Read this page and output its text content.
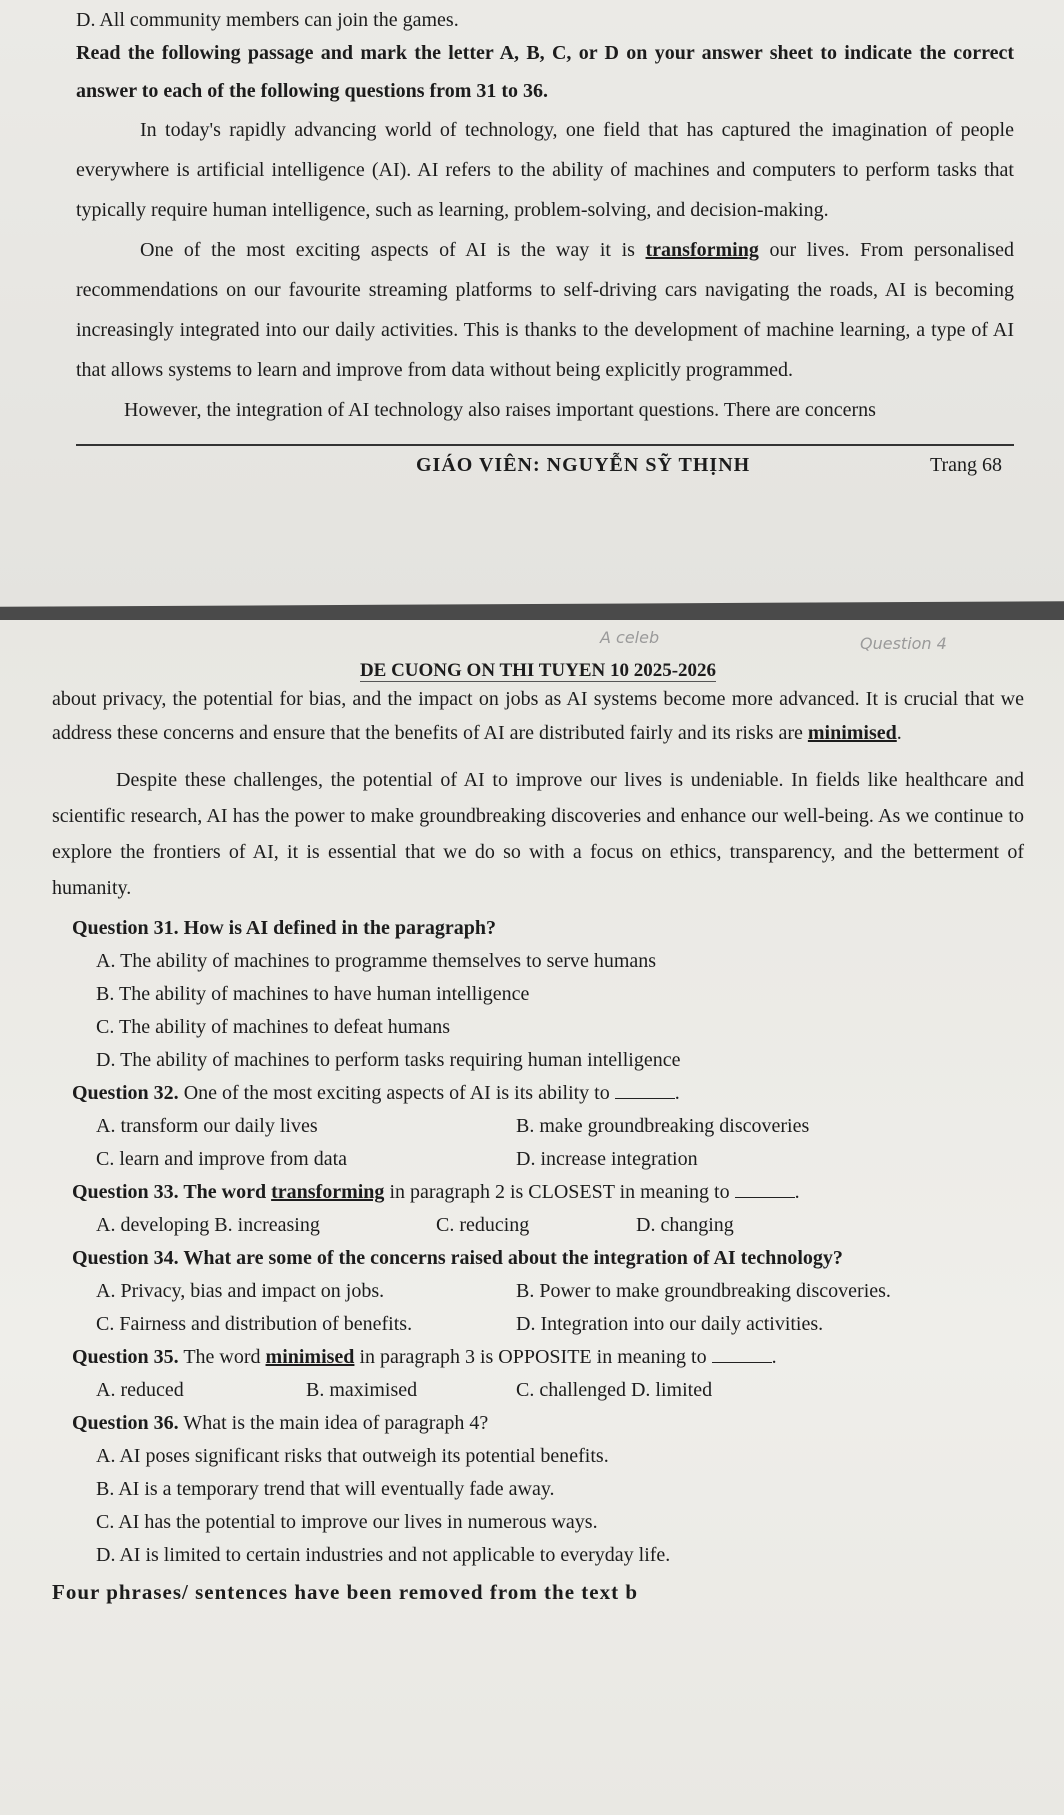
D. All community members can join the games.

Read the following passage and mark the letter A, B, C, or D on your answer sheet to indicate the correct answer to each of the following questions from 31 to 36.

In today's rapidly advancing world of technology, one field that has captured the imagination of people everywhere is artificial intelligence (AI). AI refers to the ability of machines and computers to perform tasks that typically require human intelligence, such as learning, problem-solving, and decision-making.

One of the most exciting aspects of AI is the way it is transforming our lives. From personalised recommendations on our favourite streaming platforms to self-driving cars navigating the roads, AI is becoming increasingly integrated into our daily activities. This is thanks to the development of machine learning, a type of AI that allows systems to learn and improve from data without being explicitly programmed.

However, the integration of AI technology also raises important questions. There are concerns

GIÁO VIÊN: NGUYỄN SỸ THỊNH	Trang 68
A celeb	Question 4
DE CUONG ON THI TUYEN 10 2025-2026

about privacy, the potential for bias, and the impact on jobs as AI systems become more advanced. It is crucial that we address these concerns and ensure that the benefits of AI are distributed fairly and its risks are minimised.

Despite these challenges, the potential of AI to improve our lives is undeniable. In fields like healthcare and scientific research, AI has the power to make groundbreaking discoveries and enhance our well-being. As we continue to explore the frontiers of AI, it is essential that we do so with a focus on ethics, transparency, and the betterment of humanity.

Question 31. How is AI defined in the paragraph?
A. The ability of machines to programme themselves to serve humans
B. The ability of machines to have human intelligence
C. The ability of machines to defeat humans
D. The ability of machines to perform tasks requiring human intelligence
Question 32. One of the most exciting aspects of AI is its ability to	.
A. transform our daily lives	B. make groundbreaking discoveries
C. learn and improve from data	D. increase integration
Question 33. The word transforming in paragraph 2 is CLOSEST in meaning to	.
A. developing B. increasing	C. reducing	D. changing
Question 34. What are some of the concerns raised about the integration of AI technology?
A. Privacy, bias and impact on jobs.	B. Power to make groundbreaking discoveries.
C. Fairness and distribution of benefits.	D. Integration into our daily activities.
Question 35. The word minimised in paragraph 3 is OPPOSITE in meaning to	.
A. reduced	B. maximised	C. challenged D. limited
Question 36. What is the main idea of paragraph 4?
A. AI poses significant risks that outweigh its potential benefits.
B. AI is a temporary trend that will eventually fade away.
C. AI has the potential to improve our lives in numerous ways.
D. AI is limited to certain industries and not applicable to everyday life.
Four phrases/ sentences have been removed from the text b
